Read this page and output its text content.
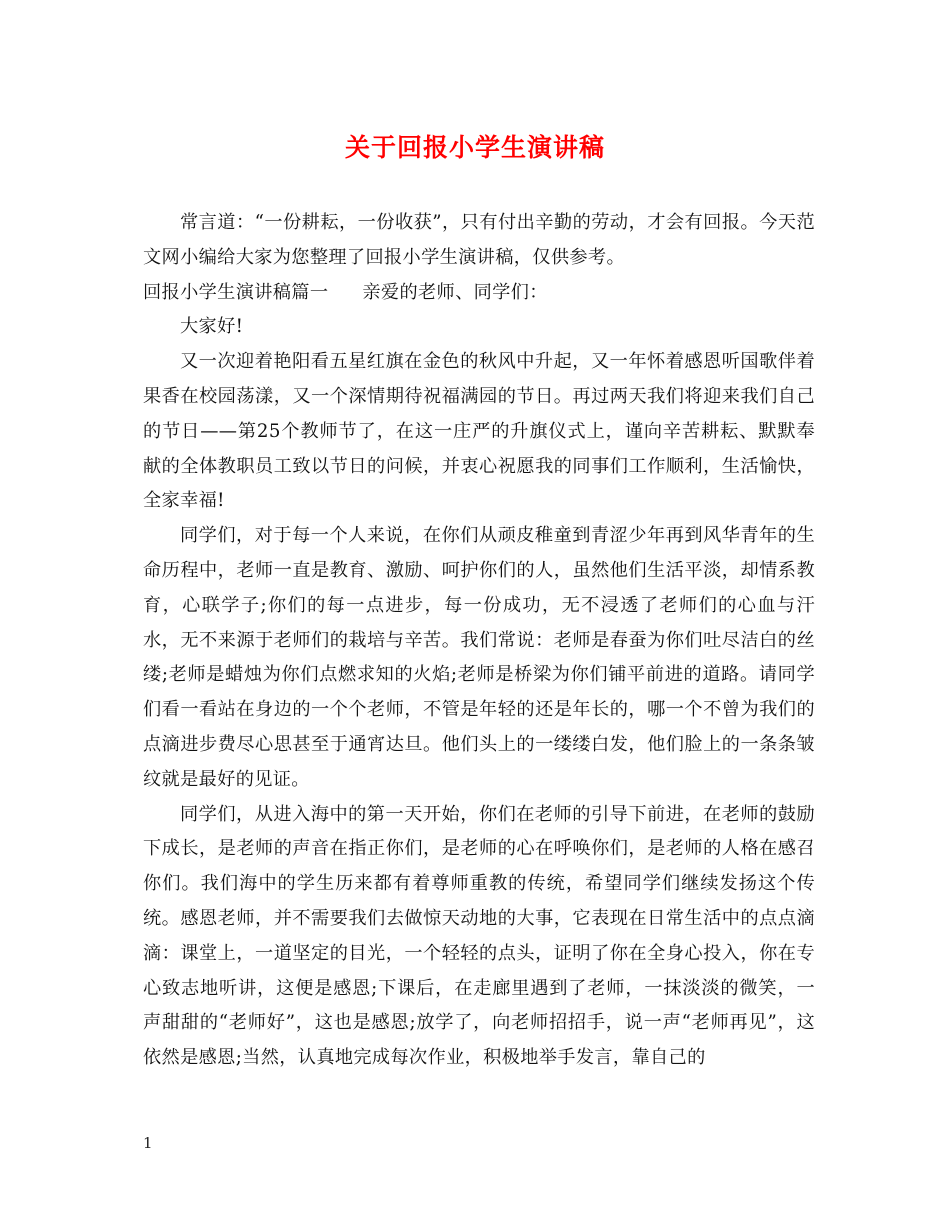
关于回报小学生演讲稿

常言道：“一份耕耘，一份收获”，只有付出辛勤的劳动，才会有回报。今天范文网小编给大家为您整理了回报小学生演讲稿，仅供参考。

回报小学生演讲稿篇一 亲爱的老师、同学们：

大家好!

又一次迎着艳阳看五星红旗在金色的秋风中升起，又一年怀着感恩听国歌伴着果香在校园荡漾，又一个深情期待祝福满园的节日。再过两天我们将迎来我们自己的节日——第25个教师节了，在这一庄严的升旗仪式上，谨向辛苦耕耘、默默奉献的全体教职员工致以节日的问候，并衷心祝愿我的同事们工作顺利，生活愉快，全家幸福!

同学们，对于每一个人来说，在你们从顽皮稚童到青涩少年再到风华青年的生命历程中，老师一直是教育、激励、呵护你们的人，虽然他们生活平淡，却情系教育，心联学子;你们的每一点进步，每一份成功，无不浸透了老师们的心血与汗水，无不来源于老师们的栽培与辛苦。我们常说：老师是春蚕为你们吐尽洁白的丝缕;老师是蜡烛为你们点燃求知的火焰;老师是桥梁为你们铺平前进的道路。请同学们看一看站在身边的一个个老师，不管是年轻的还是年长的，哪一个不曾为我们的点滴进步费尽心思甚至于通宵达旦。他们头上的一缕缕白发，他们脸上的一条条皱纹就是最好的见证。

同学们，从进入海中的第一天开始，你们在老师的引导下前进，在老师的鼓励下成长，是老师的声音在指正你们，是老师的心在呼唤你们，是老师的人格在感召你们。我们海中的学生历来都有着尊师重教的传统，希望同学们继续发扬这个传统。感恩老师，并不需要我们去做惊天动地的大事，它表现在日常生活中的点点滴滴：课堂上，一道坚定的目光，一个轻轻的点头，证明了你在全身心投入，你在专心致志地听讲，这便是感恩;下课后，在走廊里遇到了老师，一抹淡淡的微笑，一声甜甜的“老师好”，这也是感恩;放学了，向老师招招手，说一声“老师再见”，这依然是感恩;当然，认真地完成每次作业，积极地举手发言，靠自己的

1
